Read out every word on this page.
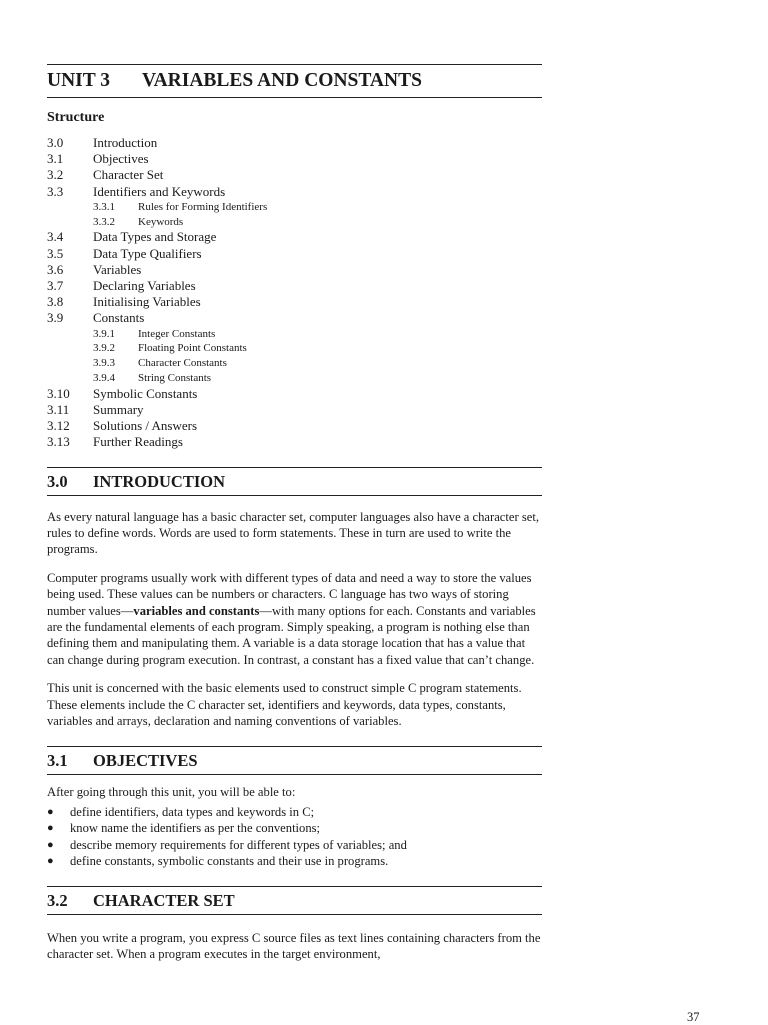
UNIT 3	VARIABLES AND CONSTANTS
Structure
3.0	Introduction
3.1	Objectives
3.2	Character Set
3.3	Identifiers and Keywords
3.3.1	Rules for Forming Identifiers
3.3.2	Keywords
3.4	Data Types and Storage
3.5	Data Type Qualifiers
3.6	Variables
3.7	Declaring Variables
3.8	Initialising Variables
3.9	Constants
3.9.1	Integer Constants
3.9.2	Floating Point Constants
3.9.3	Character Constants
3.9.4	String Constants
3.10	Symbolic Constants
3.11	Summary
3.12	Solutions / Answers
3.13	Further Readings
3.0	INTRODUCTION

As every natural language has a basic character set, computer languages also have a character set, rules to define words. Words are used to form statements. These in turn are used to write the programs.

Computer programs usually work with different types of data and need a way to store the values being used. These values can be numbers or characters. C language has two ways of storing number values—variables and constants—with many options for each. Constants and variables are the fundamental elements of each program. Simply speaking, a program is nothing else than defining them and manipulating them. A variable is a data storage location that has a value that can change during program execution. In contrast, a constant has a fixed value that can’t change.

This unit is concerned with the basic elements used to construct simple C program statements. These elements include the C character set, identifiers and keywords, data types, constants, variables and arrays, declaration and naming conventions of variables.

3.1	OBJECTIVES

After going through this unit, you will be able to:

●	define identifiers, data types and keywords in C;
●	know name the identifiers as per the conventions;
●	describe memory requirements for different types of variables; and
●	define constants, symbolic constants and their use in programs.
3.2	CHARACTER SET

When you write a program, you express C source files as text lines containing characters from the character set. When a program executes in the target environment,

37
